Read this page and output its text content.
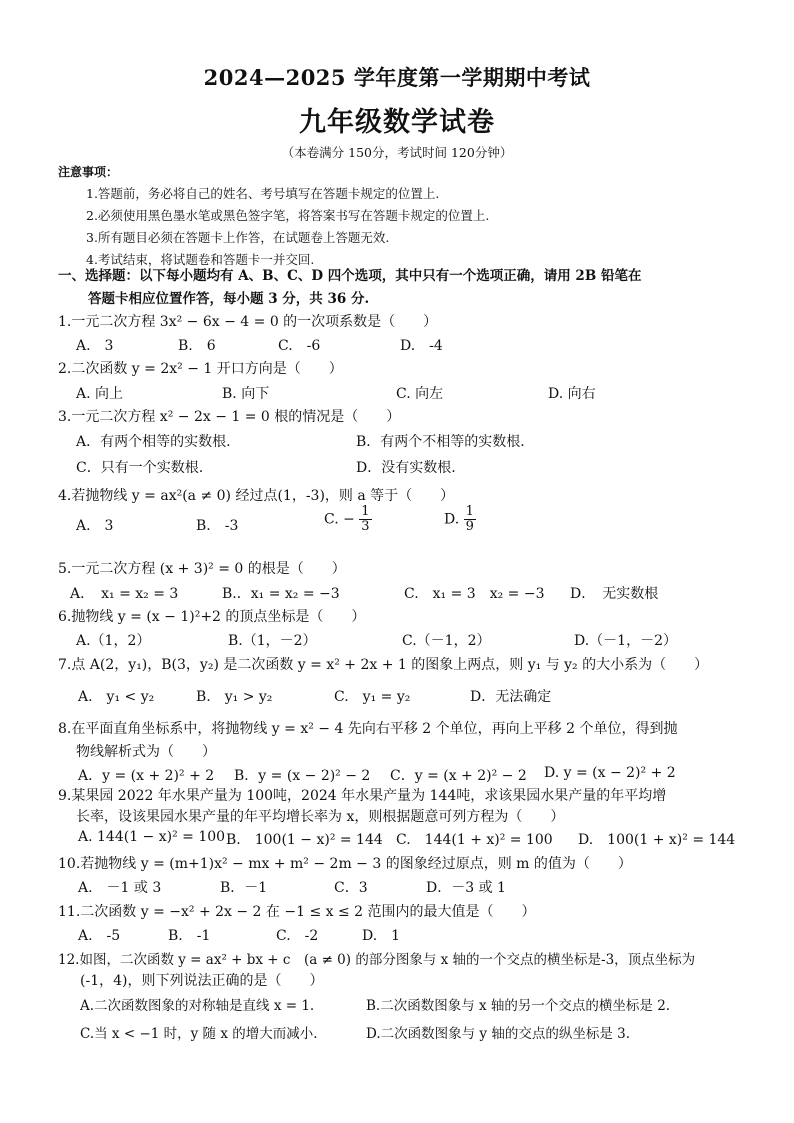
2024—2025 学年度第一学期期中考试
九年级数学试卷
（本卷满分 150分，考试时间 120分钟）
注意事项：
1.答题前，务必将自己的姓名、考号填写在答题卡规定的位置上.
2.必须使用黑色墨水笔或黑色签字笔，将答案书写在答题卡规定的位置上.
3.所有题目必须在答题卡上作答，在试题卷上答题无效.
4.考试结束，将试题卷和答题卡一并交回.
一、选择题：以下每小题均有 A、B、C、D 四个选项，其中只有一个选项正确，请用 2B 铅笔在
答题卡相应位置作答，每小题 3 分，共 36 分.
1.一元二次方程 3x² − 6x − 4 = 0 的一次项系数是（　　）
A.　3	B.　6	C.　-6	D.　-4
2.二次函数 y = 2x² − 1 开口方向是（　　）
A. 向上	B. 向下	C. 向左	D. 向右
3.一元二次方程 x² − 2x − 1 = 0 根的情况是（　　）
A．有两个相等的实数根.	B．有两个不相等的实数根.
C．只有一个实数根.	D．没有实数根.
4.若抛物线 y = ax²(a ≠ 0) 经过点(1，-3)，则 a 等于（　　）
A.　3	B.　-3	C. − $\frac{1}{3}$	D. $\frac{1}{9}$
5.一元二次方程 (x + 3)² = 0 的根是（　　）
A．　x₁ = x₂ = 3	B.．x₁ = x₂ = −3	C.　x₁ = 3　x₂ = −3 D．　无实数根
6.抛物线 y = (x − 1)²+2 的顶点坐标是（　　）
A.（1，2）	B.（1，－2）	C.（－1，2）	D.（－1，－2）
7.点 A(2，y₁)，B(3，y₂) 是二次函数 y = x² + 2x + 1 的图象上两点，则 y₁ 与 y₂ 的大小系为（　　）
A.　y₁ < y₂	B.　y₁ > y₂	C.　y₁ = y₂	D．无法确定
8.在平面直角坐标系中，将抛物线 y = x² − 4 先向右平移 2 个单位，再向上平移 2 个单位，得到抛
物线解析式为（　　）
A．y = (x + 2)² + 2 B．y = (x − 2)² − 2 C．y = (x + 2)² − 2 D. y = (x − 2)² + 2
9.某果园 2022 年水果产量为 100吨，2024 年水果产量为 144吨，求该果园水果产量的年平均增
长率，设该果园水果产量的年平均增长率为 x，则根据题意可列方程为（　　）
A. 144(1 − x)² = 100 B.　100(1 − x)² = 144 C.　144(1 + x)² = 100 D.　100(1 + x)² = 144
10.若抛物线 y = (m+1)x² − mx + m² − 2m − 3 的图象经过原点，则 m 的值为（　　）
A.　－1 或 3	B．－1	C．3	D．－3 或 1
11.二次函数 y = −x² + 2x − 2 在 −1 ≤ x ≤ 2 范围内的最大值是（　　）
A.　-5	B.　-1	C.　-2	D.　1
12.如图，二次函数 y = ax² + bx + c　(a ≠ 0) 的部分图象与 x 轴的一个交点的横坐标是-3，顶点坐标为
(-1，4)，则下列说法正确的是（　　）
A.二次函数图象的对称轴是直线 x = 1.	B.二次函数图象与 x 轴的另一个交点的横坐标是 2.
C.当 x < −1 时，y 随 x 的增大而减小.	D.二次函数图象与 y 轴的交点的纵坐标是 3.
